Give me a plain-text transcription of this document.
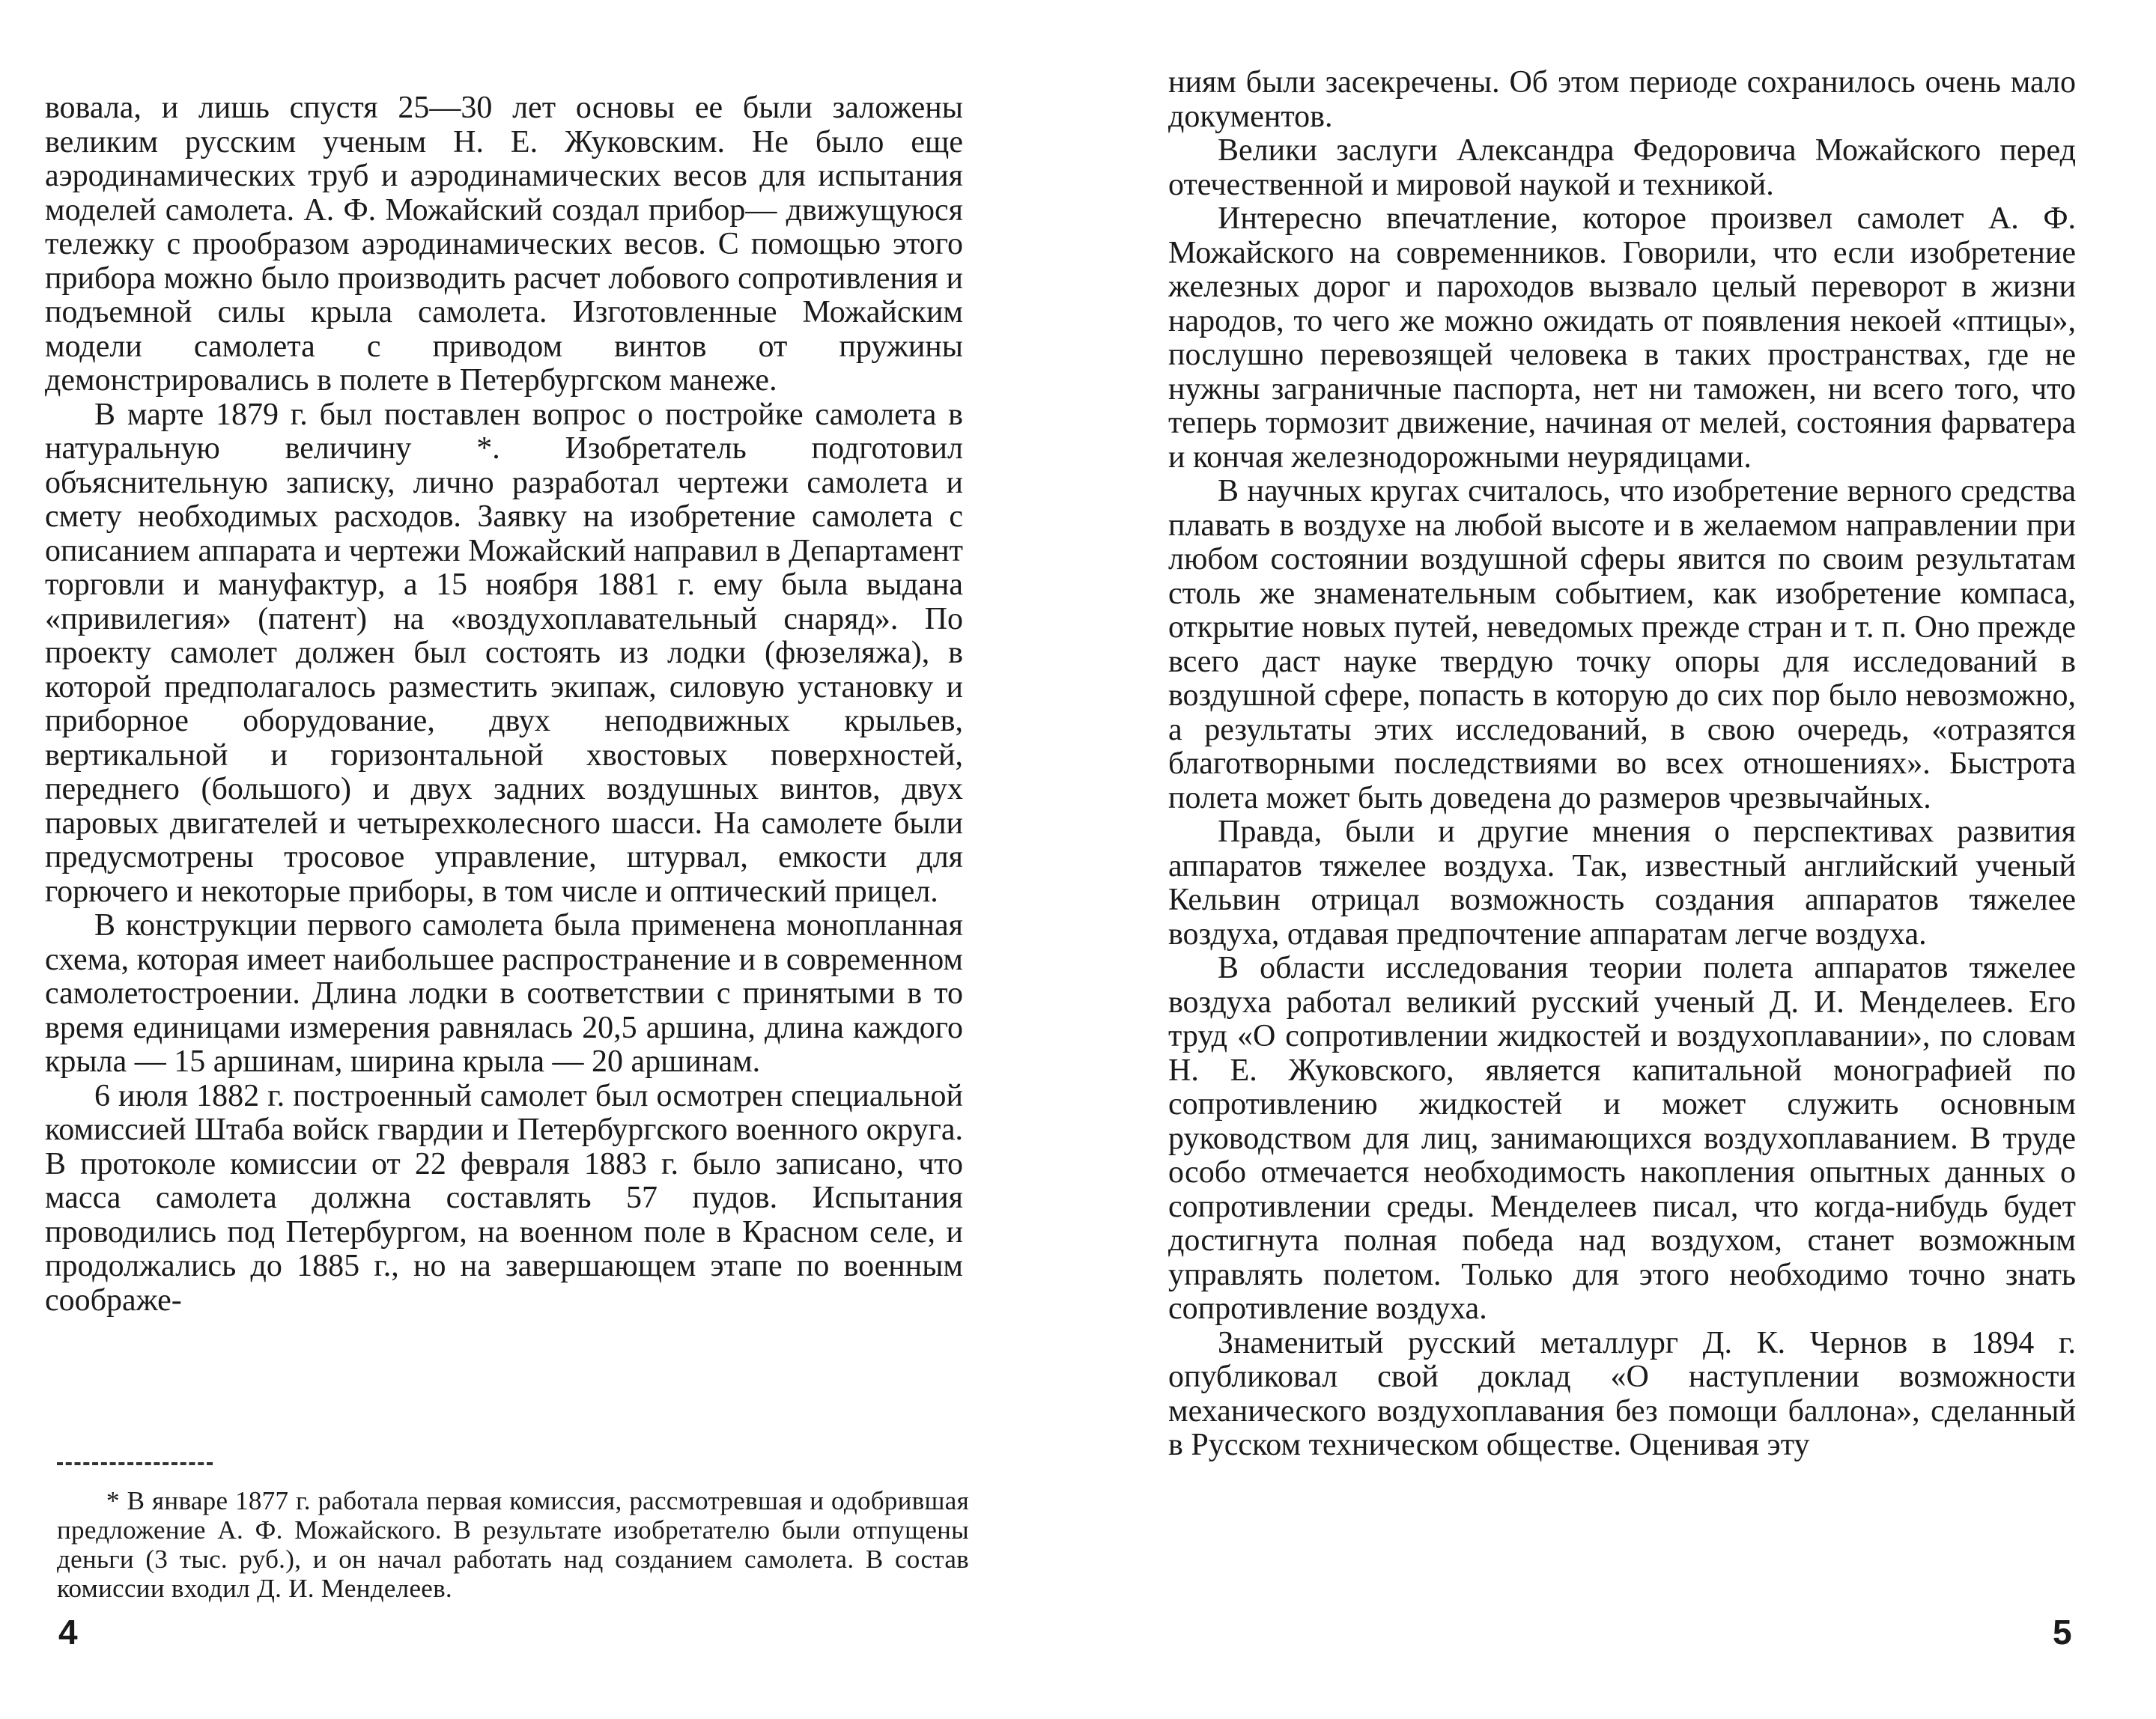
вовала, и лишь спустя 25—30 лет основы ее были заложены великим русским ученым Н. Е. Жуковским. Не было еще аэродинамических труб и аэродинамических весов для испытания моделей самолета. А. Ф. Можайский создал прибор— движущуюся тележку с прообразом аэродинамических весов. С помощью этого прибора можно было производить расчет лобового сопротивления и подъемной силы крыла самолета. Изготовленные Можайским модели самолета с приводом винтов от пружины демонстрировались в полете в Петербургском манеже.

В марте 1879 г. был поставлен вопрос о постройке самолета в натуральную величину *. Изобретатель подготовил объяснительную записку, лично разработал чертежи самолета и смету необходимых расходов. Заявку на изобретение самолета с описанием аппарата и чертежи Можайский направил в Департамент торговли и мануфактур, а 15 ноября 1881 г. ему была выдана «привилегия» (патент) на «воздухоплавательный снаряд». По проекту самолет должен был состоять из лодки (фюзеляжа), в которой предполагалось разместить экипаж, силовую установку и приборное оборудование, двух неподвижных крыльев, вертикальной и горизонтальной хвостовых поверхностей, переднего (большого) и двух задних воздушных винтов, двух паровых двигателей и четырехколесного шасси. На самолете были предусмотрены тросовое управление, штурвал, емкости для горючего и некоторые приборы, в том числе и оптический прицел.

В конструкции первого самолета была применена монопланная схема, которая имеет наибольшее распространение и в современном самолетостроении. Длина лодки в соответствии с принятыми в то время единицами измерения равнялась 20,5 аршина, длина каждого крыла — 15 аршинам, ширина крыла — 20 аршинам.

6 июля 1882 г. построенный самолет был осмотрен специальной комиссией Штаба войск гвардии и Петербургского военного округа. В протоколе комиссии от 22 февраля 1883 г. было записано, что масса самолета должна составлять 57 пудов. Испытания проводились под Петербургом, на военном поле в Красном селе, и продолжались до 1885 г., но на завершающем этапе по военным соображе-

* В январе 1877 г. работала первая комиссия, рассмотревшая и одобрившая предложение А. Ф. Можайского. В результате изобретателю были отпущены деньги (3 тыс. руб.), и он начал работать над созданием самолета. В состав комиссии входил Д. И. Менделеев.

4

ниям были засекречены. Об этом периоде сохранилось очень мало документов.

Велики заслуги Александра Федоровича Можайского перед отечественной и мировой наукой и техникой.

Интересно впечатление, которое произвел самолет А. Ф. Можайского на современников. Говорили, что если изобретение железных дорог и пароходов вызвало целый переворот в жизни народов, то чего же можно ожидать от появления некоей «птицы», послушно перевозящей человека в таких пространствах, где не нужны заграничные паспорта, нет ни таможен, ни всего того, что теперь тормозит движение, начиная от мелей, состояния фарватера и кончая железнодорожными неурядицами.

В научных кругах считалось, что изобретение верного средства плавать в воздухе на любой высоте и в желаемом направлении при любом состоянии воздушной сферы явится по своим результатам столь же знаменательным событием, как изобретение компаса, открытие новых путей, неведомых прежде стран и т. п. Оно прежде всего даст науке твердую точку опоры для исследований в воздушной сфере, попасть в которую до сих пор было невозможно, а результаты этих исследований, в свою очередь, «отразятся благотворными последствиями во всех отношениях». Быстрота полета может быть доведена до размеров чрезвычайных.

Правда, были и другие мнения о перспективах развития аппаратов тяжелее воздуха. Так, известный английский ученый Кельвин отрицал возможность создания аппаратов тяжелее воздуха, отдавая предпочтение аппаратам легче воздуха.

В области исследования теории полета аппаратов тяжелее воздуха работал великий русский ученый Д. И. Менделеев. Его труд «О сопротивлении жидкостей и воздухоплавании», по словам Н. Е. Жуковского, является капитальной монографией по сопротивлению жидкостей и может служить основным руководством для лиц, занимающихся воздухоплаванием. В труде особо отмечается необходимость накопления опытных данных о сопротивлении среды. Менделеев писал, что когда-нибудь будет достигнута полная победа над воздухом, станет возможным управлять полетом. Только для этого необходимо точно знать сопротивление воздуха.

Знаменитый русский металлург Д. К. Чернов в 1894 г. опубликовал свой доклад «О наступлении возможности механического воздухоплавания без помощи баллона», сделанный в Русском техническом обществе. Оценивая эту

5
